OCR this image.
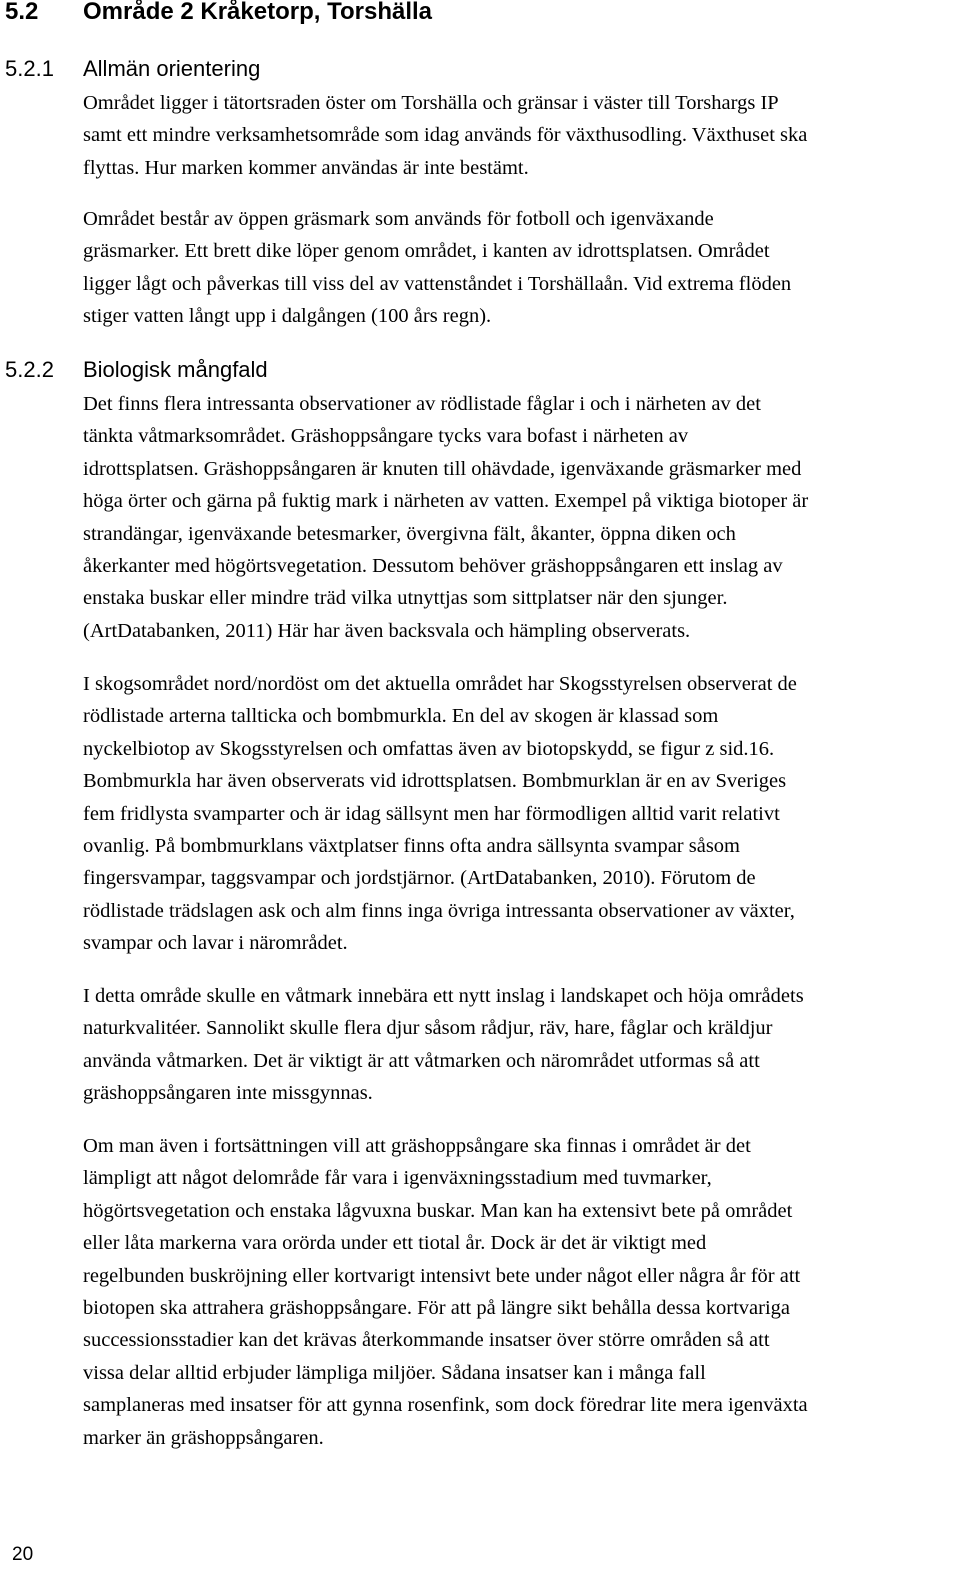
5.2 Område 2 Kråketorp, Torshälla
5.2.1 Allmän orientering

Området ligger i tätortsraden öster om Torshälla och gränsar i väster till Torshargs IP
samt ett mindre verksamhetsområde som idag används för växthusodling. Växthuset ska
flyttas. Hur marken kommer användas är inte bestämt.

Området består av öppen gräsmark som används för fotboll och igenväxande
gräsmarker. Ett brett dike löper genom området, i kanten av idrottsplatsen. Området
ligger lågt och påverkas till viss del av vattenståndet i Torshällaån. Vid extrema flöden
stiger vatten långt upp i dalgången (100 års regn).

5.2.2 Biologisk mångfald

Det finns flera intressanta observationer av rödlistade fåglar i och i närheten av det
tänkta våtmarksområdet. Gräshoppsångare tycks vara bofast i närheten av
idrottsplatsen. Gräshoppsångaren är knuten till ohävdade, igenväxande gräsmarker med
höga örter och gärna på fuktig mark i närheten av vatten. Exempel på viktiga biotoper är
strandängar, igenväxande betesmarker, övergivna fält, åkanter, öppna diken och
åkerkanter med högörtsvegetation. Dessutom behöver gräshoppsångaren ett inslag av
enstaka buskar eller mindre träd vilka utnyttjas som sittplatser när den sjunger.
(ArtDatabanken, 2011) Här har även backsvala och hämpling observerats.

I skogsområdet nord/nordöst om det aktuella området har Skogsstyrelsen observerat de
rödlistade arterna tallticka och bombmurkla. En del av skogen är klassad som
nyckelbiotop av Skogsstyrelsen och omfattas även av biotopskydd, se figur z sid.16.
Bombmurkla har även observerats vid idrottsplatsen. Bombmurklan är en av Sveriges
fem fridlysta svamparter och är idag sällsynt men har förmodligen alltid varit relativt
ovanlig. På bombmurklans växtplatser finns ofta andra sällsynta svampar såsom
fingersvampar, taggsvampar och jordstjärnor. (ArtDatabanken, 2010). Förutom de
rödlistade trädslagen ask och alm finns inga övriga intressanta observationer av växter,
svampar och lavar i närområdet.

I detta område skulle en våtmark innebära ett nytt inslag i landskapet och höja områdets
naturkvalitéer. Sannolikt skulle flera djur såsom rådjur, räv, hare, fåglar och kräldjur
använda våtmarken. Det är viktigt är att våtmarken och närområdet utformas så att
gräshoppsångaren inte missgynnas.

Om man även i fortsättningen vill att gräshoppsångare ska finnas i området är det
lämpligt att något delområde får vara i igenväxningsstadium med tuvmarker,
högörtsvegetation och enstaka lågvuxna buskar. Man kan ha extensivt bete på området
eller låta markerna vara orörda under ett tiotal år. Dock är det är viktigt med
regelbunden buskröjning eller kortvarigt intensivt bete under något eller några år för att
biotopen ska attrahera gräshoppsångare. För att på längre sikt behålla dessa kortvariga
successionsstadier kan det krävas återkommande insatser över större områden så att
vissa delar alltid erbjuder lämpliga miljöer. Sådana insatser kan i många fall
samplaneras med insatser för att gynna rosenfink, som dock föredrar lite mera igenväxta
marker än gräshoppsångaren.

20
